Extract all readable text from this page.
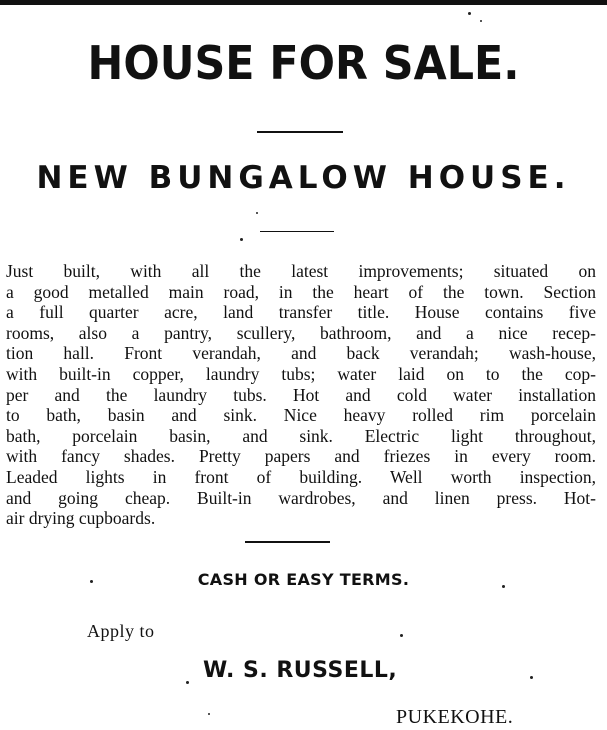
HOUSE FOR SALE.
NEW BUNGALOW HOUSE.
Just built, with all the latest improvements; situated on
a good metalled main road, in the heart of the town. Section
a full quarter acre, land transfer title. House contains five
rooms, also a pantry, scullery, bathroom, and a nice recep-
tion hall. Front verandah, and back verandah; wash-house,
with built-in copper, laundry tubs; water laid on to the cop-
per and the laundry tubs. Hot and cold water installation
to bath, basin and sink. Nice heavy rolled rim porcelain
bath, porcelain basin, and sink. Electric light throughout,
with fancy shades. Pretty papers and friezes in every room.
Leaded lights in front of building. Well worth inspection,
and going cheap. Built-in wardrobes, and linen press. Hot-
air drying cupboards.
CASH OR EASY TERMS.
Apply to
W. S. RUSSELL,
PUKEKOHE.
